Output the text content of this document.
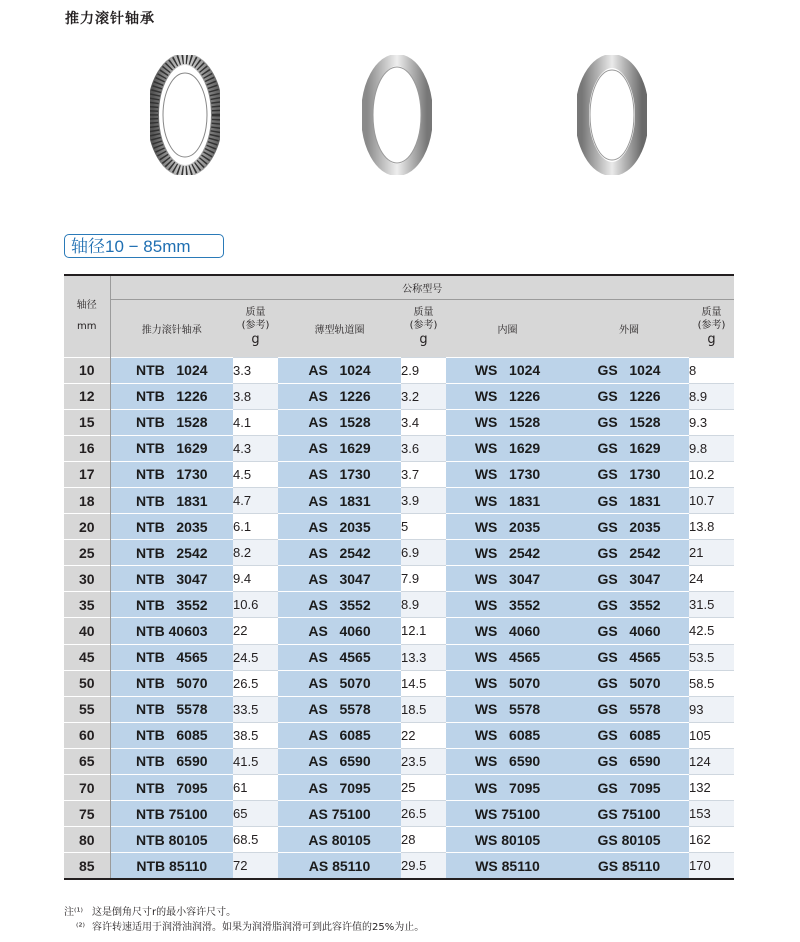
推力滚针轴承
轴径10 − 85mm
轴径
mm	公称型号						
	推力滚针轴承	质量
(参考)
g	薄型轨道圈	质量
(参考)
g	内圈	外圈	质量
(参考)
g

10	NTB   1024	3.3	AS   1024	2.9	WS   1024	GS   1024	8
12	NTB   1226	3.8	AS   1226	3.2	WS   1226	GS   1226	8.9
15	NTB   1528	4.1	AS   1528	3.4	WS   1528	GS   1528	9.3
16	NTB   1629	4.3	AS   1629	3.6	WS   1629	GS   1629	9.8
17	NTB   1730	4.5	AS   1730	3.7	WS   1730	GS   1730	10.2
18	NTB   1831	4.7	AS   1831	3.9	WS   1831	GS   1831	10.7
20	NTB   2035	6.1	AS   2035	5	WS   2035	GS   2035	13.8
25	NTB   2542	8.2	AS   2542	6.9	WS   2542	GS   2542	21
30	NTB   3047	9.4	AS   3047	7.9	WS   3047	GS   3047	24
35	NTB   3552	10.6	AS   3552	8.9	WS   3552	GS   3552	31.5
40	NTB 40603	22	AS   4060	12.1	WS   4060	GS   4060	42.5
45	NTB   4565	24.5	AS   4565	13.3	WS   4565	GS   4565	53.5
50	NTB   5070	26.5	AS   5070	14.5	WS   5070	GS   5070	58.5
55	NTB   5578	33.5	AS   5578	18.5	WS   5578	GS   5578	93
60	NTB   6085	38.5	AS   6085	22	WS   6085	GS   6085	105
65	NTB   6590	41.5	AS   6590	23.5	WS   6590	GS   6590	124
70	NTB   7095	61	AS   7095	25	WS   7095	GS   7095	132
75	NTB 75100	65	AS 75100	26.5	WS 75100	GS 75100	153
80	NTB 80105	68.5	AS 80105	28	WS 80105	GS 80105	162
85	NTB 85110	72	AS 85110	29.5	WS 85110	GS 85110	170
注⁽¹⁾ 这是倒角尺寸r的最小容许尺寸。
⁽²⁾ 容许转速适用于润滑油润滑。如果为润滑脂润滑可到此容许值的25%为止。
